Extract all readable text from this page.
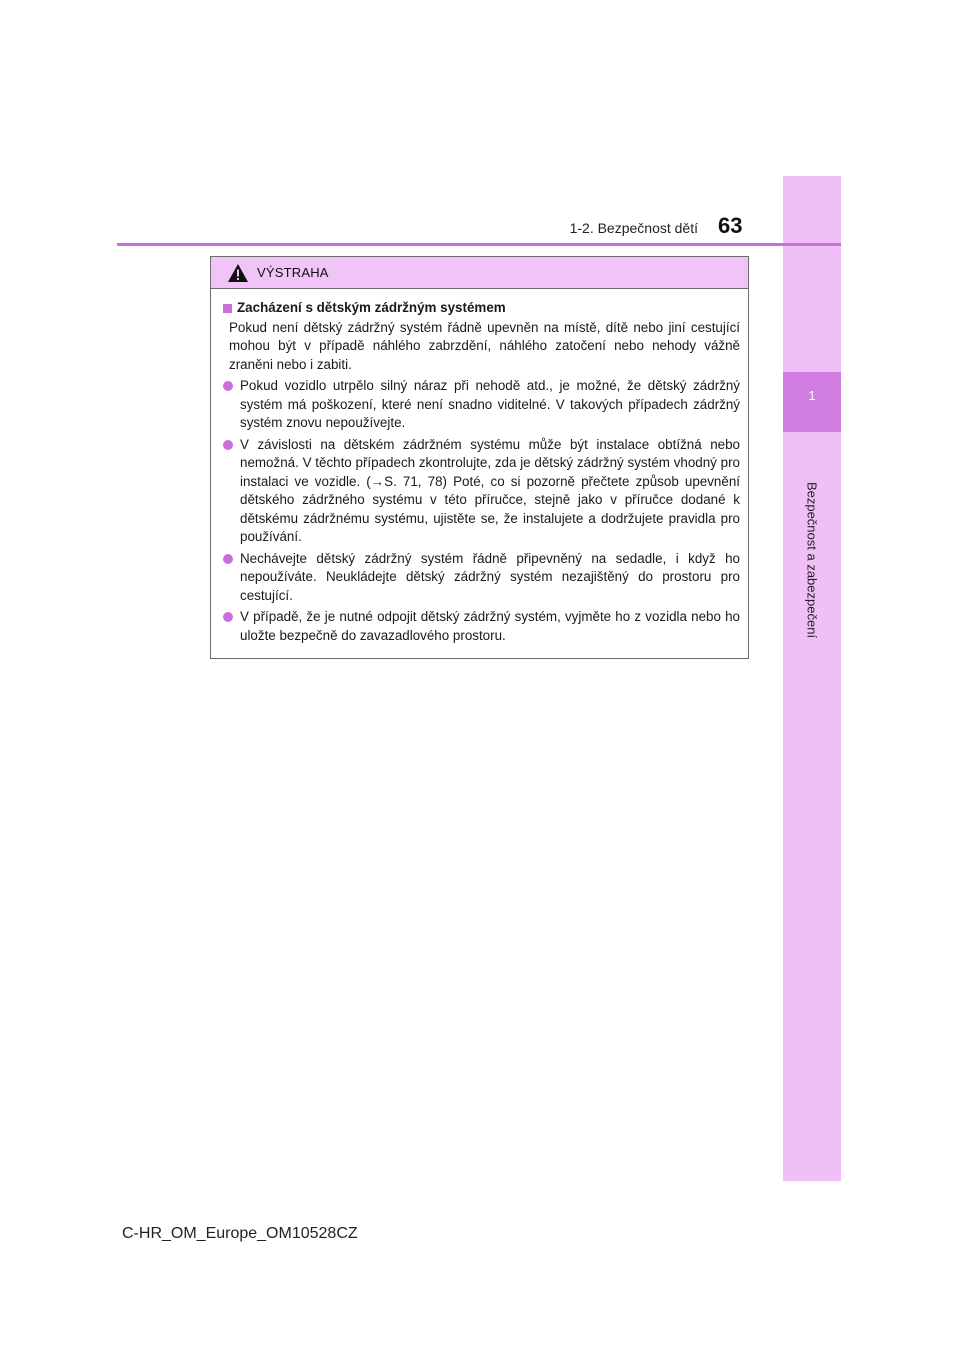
1
Bezpečnost a zabezpečení
1-2. Bezpečnost dětí 63
VÝSTRAHA
Zacházení s dětským zádržným systémem
Pokud není dětský zádržný systém řádně upevněn na místě, dítě nebo jiní cestující mohou být v případě náhlého zabrzdění, náhlého zatočení nebo nehody vážně zraněni nebo i zabiti.
Pokud vozidlo utrpělo silný náraz při nehodě atd., je možné, že dětský zádržný systém má poškození, které není snadno viditelné. V takových případech zádržný systém znovu nepoužívejte.
V závislosti na dětském zádržném systému může být instalace obtížná nebo nemožná. V těchto případech zkontrolujte, zda je dětský zádržný systém vhodný pro instalaci ve vozidle. (→S. 71, 78) Poté, co si pozorně přečtete způsob upevnění dětského zádržného systému v této příručce, stejně jako v příručce dodané k dětskému zádržnému systému, ujistěte se, že instalujete a dodržujete pravidla pro používání.
Nechávejte dětský zádržný systém řádně připevněný na sedadle, i když ho nepoužíváte. Neukládejte dětský zádržný systém nezajištěný do prostoru pro cestující.
V případě, že je nutné odpojit dětský zádržný systém, vyjměte ho z vozidla nebo ho uložte bezpečně do zavazadlového prostoru.
C-HR_OM_Europe_OM10528CZ
